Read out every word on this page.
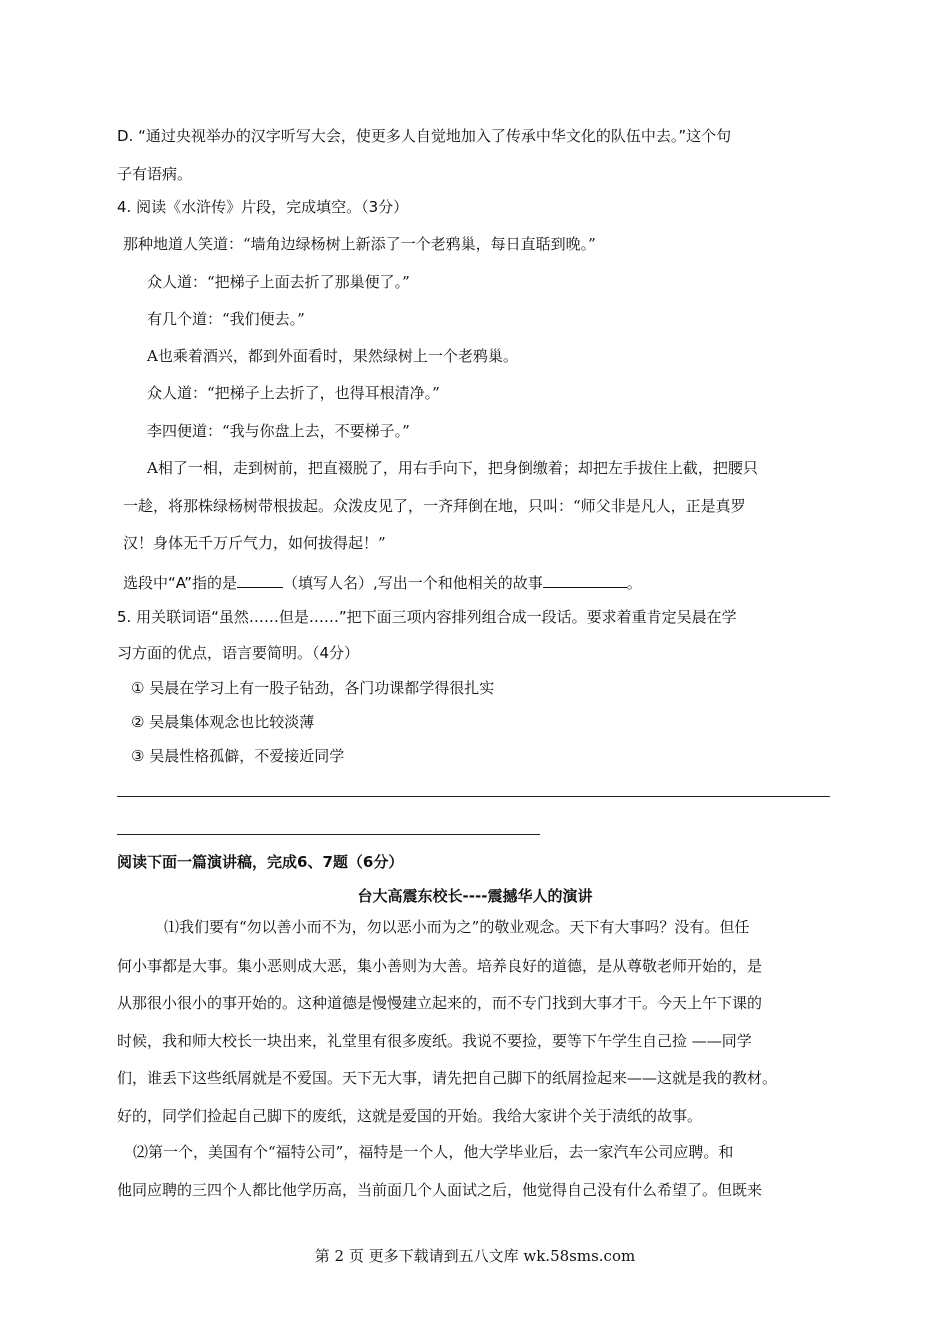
D. “通过央视举办的汉字听写大会，使更多人自觉地加入了传承中华文化的队伍中去。”这个句
子有语病。
4. 阅读《水浒传》片段，完成填空。（3分）
那种地道人笑道：“墙角边绿杨树上新添了一个老鸦巢，每日直聒到晚。”
众人道：“把梯子上面去折了那巢便了。”
有几个道：“我们便去。”
A也乘着酒兴，都到外面看时，果然绿树上一个老鸦巢。
众人道：“把梯子上去折了，也得耳根清净。”
李四便道：“我与你盘上去，不要梯子。”
A相了一相，走到树前，把直裰脱了，用右手向下，把身倒缴着；却把左手拔住上截，把腰只
一趁，将那株绿杨树带根拔起。众泼皮见了，一齐拜倒在地，只叫：“师父非是凡人，正是真罗
汉！身体无千万斤气力，如何拔得起！”
选段中“A”指的是	（填写人名）,写出一个和他相关的故事	。
5. 用关联词语“虽然……但是……”把下面三项内容排列组合成一段话。要求着重肯定吴晨在学
习方面的优点，语言要简明。（4分）
① 吴晨在学习上有一股子钻劲，各门功课都学得很扎实
② 吴晨集体观念也比较淡薄
③ 吴晨性格孤僻，不爱接近同学
阅读下面一篇演讲稿，完成6、7题（6分）
台大高震东校长----震撼华人的演讲
⑴我们要有“勿以善小而不为，勿以恶小而为之”的敬业观念。天下有大事吗？没有。但任
何小事都是大事。集小恶则成大恶，集小善则为大善。培养良好的道德，是从尊敬老师开始的，是
从那很小很小的事开始的。这种道德是慢慢建立起来的，而不专门找到大事才干。今天上午下课的
时候，我和师大校长一块出来，礼堂里有很多废纸。我说不要捡，要等下午学生自己捡 ——同学
们，谁丢下这些纸屑就是不爱国。天下无大事，请先把自己脚下的纸屑捡起来——这就是我的教材。
好的，同学们捡起自己脚下的废纸，这就是爱国的开始。我给大家讲个关于渍纸的故事。
⑵第一个，美国有个“福特公司”，福特是一个人，他大学毕业后，去一家汽车公司应聘。和
他同应聘的三四个人都比他学历高，当前面几个人面试之后，他觉得自己没有什么希望了。但既来
第 2 页 更多下载请到五八文库 wk.58sms.com
